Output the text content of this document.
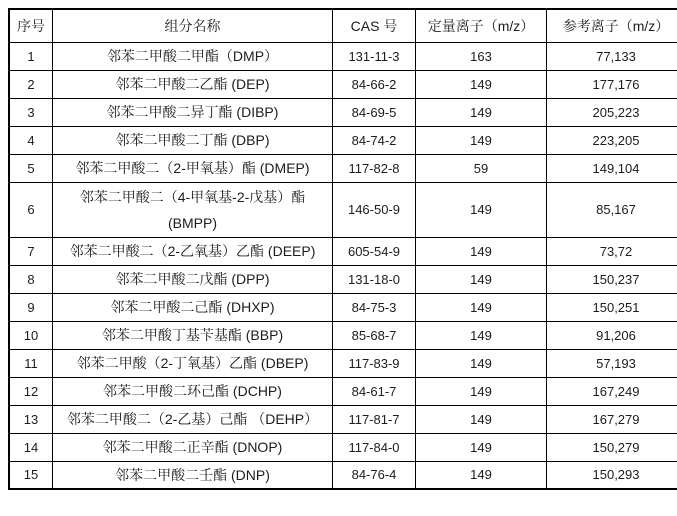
序号	组分名称	CAS 号	定量离子（m/z）	参考离子（m/z）
1	邻苯二甲酸二甲酯（DMP）	131-11-3	163	77,133
2	邻苯二甲酸二乙酯 (DEP)	84-66-2	149	177,176
3	邻苯二甲酸二异丁酯 (DIBP)	84-69-5	149	205,223
4	邻苯二甲酸二丁酯 (DBP)	84-74-2	149	223,205
5	邻苯二甲酸二（2-甲氧基）酯 (DMEP)	117-82-8	59	149,104
6	邻苯二甲酸二（4-甲氧基-2-戊基）酯
(BMPP)	146-50-9	149	85,167
7	邻苯二甲酸二（2-乙氧基）乙酯 (DEEP)	605-54-9	149	73,72
8	邻苯二甲酸二戊酯 (DPP)	131-18-0	149	150,237
9	邻苯二甲酸二己酯 (DHXP)	84-75-3	149	150,251
10	邻苯二甲酸丁基苄基酯 (BBP)	85-68-7	149	91,206
11	邻苯二甲酸（2-丁氧基）乙酯 (DBEP)	117-83-9	149	57,193
12	邻苯二甲酸二环己酯 (DCHP)	84-61-7	149	167,249
13	邻苯二甲酸二（2-乙基）己酯 （DEHP）	117-81-7	149	167,279
14	邻苯二甲酸二正辛酯 (DNOP)	117-84-0	149	150,279
15	邻苯二甲酸二壬酯 (DNP)	84-76-4	149	150,293
